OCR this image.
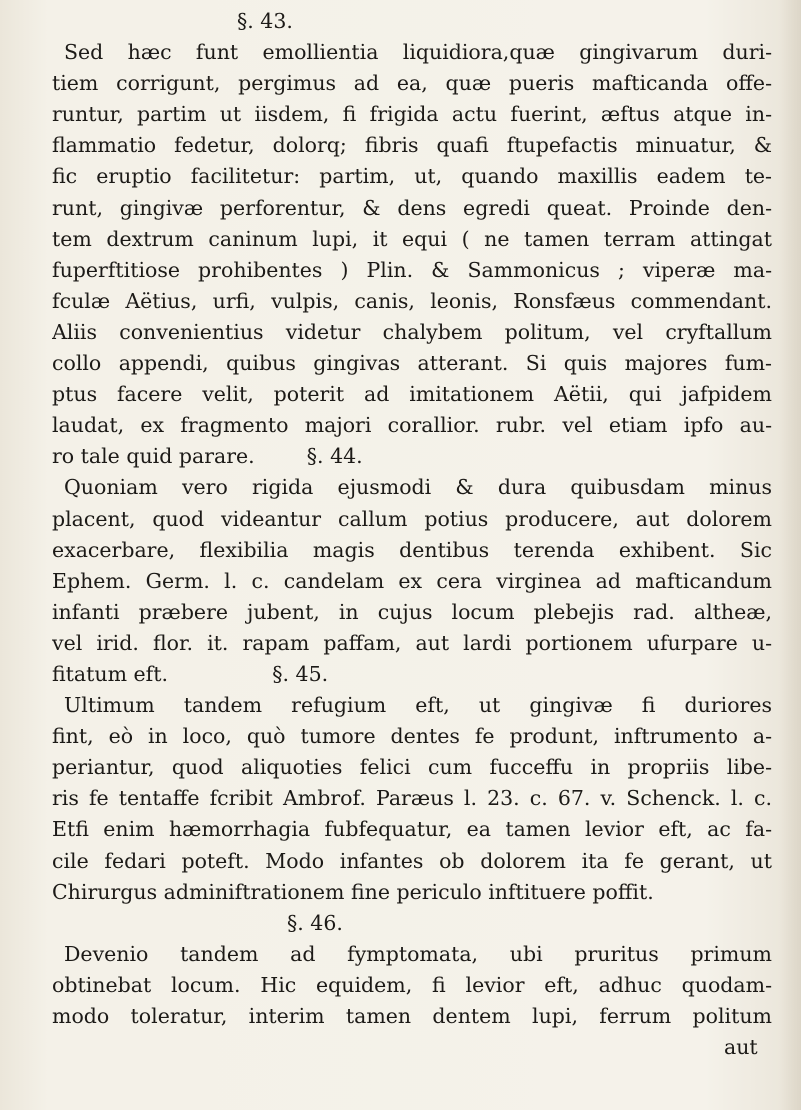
§. 43.
Sed hæc funt emollientia liquidiora,quæ gingivarum duri-
tiem corrigunt, pergimus ad ea, quæ pueris mafticanda offe-
runtur, partim ut iisdem, fi frigida actu fuerint, æftus atque in-
flammatio fedetur, dolorq; fibris quafi ftupefactis minuatur, &
fic eruptio facilitetur: partim, ut, quando maxillis eadem te-
runt, gingivæ perforentur, & dens egredi queat. Proinde den-
tem dextrum caninum lupi, it equi ( ne tamen terram attingat
fuperftitiose prohibentes ) Plin. & Sammonicus ; viperæ ma-
fculæ Aëtius, urfi, vulpis, canis, leonis, Ronsfæus commendant.
Aliis convenientius videtur chalybem politum, vel cryftallum
collo appendi, quibus gingivas atterant. Si quis majores fum-
ptus facere velit, poterit ad imitationem Aëtii, qui jafpidem
laudat, ex fragmento majori corallior. rubr. vel etiam ipfo au-
ro tale quid parare.        §. 44.
Quoniam vero rigida ejusmodi & dura quibusdam minus
placent, quod videantur callum potius producere, aut dolorem
exacerbare, flexibilia magis dentibus terenda exhibent. Sic
Ephem. Germ. l. c. candelam ex cera virginea ad mafticandum
infanti præbere jubent, in cujus locum plebejis rad. altheæ,
vel irid. flor. it. rapam paffam, aut lardi portionem ufurpare u-
fitatum eft.                §. 45.
Ultimum tandem refugium eft, ut gingivæ fi duriores
fint, eò in loco, quò tumore dentes fe produnt, inftrumento a-
periantur, quod aliquoties felici cum fucceffu in propriis libe-
ris fe tentaffe fcribit Ambrof. Paræus l. 23. c. 67. v. Schenck. l. c.
Etfi enim hæmorrhagia fubfequatur, ea tamen levior eft, ac fa-
cile fedari poteft. Modo infantes ob dolorem ita fe gerant, ut
Chirurgus adminiftrationem fine periculo inftituere poffit.
§. 46.
Devenio tandem ad fymptomata, ubi pruritus primum
obtinebat locum. Hic equidem, fi levior eft, adhuc quodam-
modo toleratur, interim tamen dentem lupi, ferrum politum
aut
